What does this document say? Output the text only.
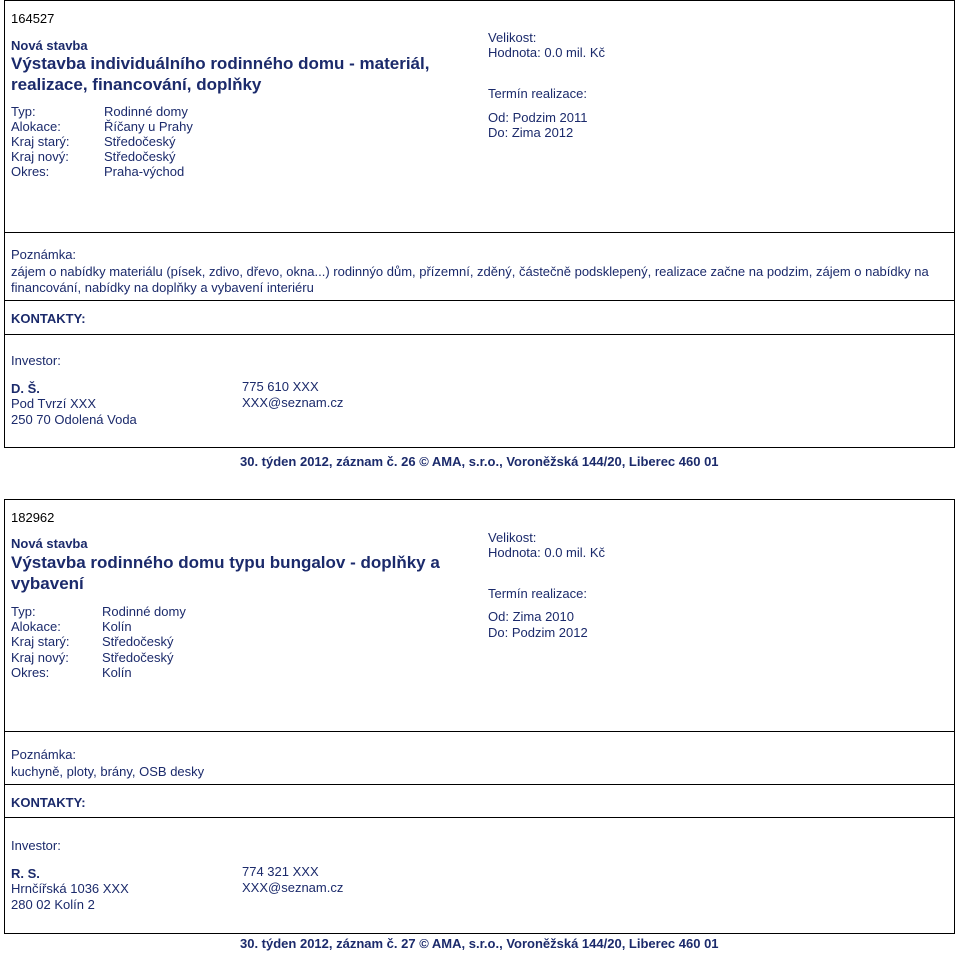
164527
Nová stavba
Výstavba individuálního rodinného domu - materiál, realizace, financování, doplňky
Typ:	Rodinné domy
Alokace:	Říčany u Prahy
Kraj starý:	Středočeský
Kraj nový:	Středočeský
Okres:	Praha-východ
Velikost:
Hodnota: 0.0 mil. Kč
Termín realizace:
Od: Podzim 2011
Do: Zima 2012
Poznámka:
zájem o nabídky materiálu (písek, zdivo, dřevo, okna...) rodinnýo dům, přízemní, zděný, částečně podsklepený, realizace začne na podzim, zájem o nabídky na financování, nabídky na doplňky a vybavení interiéru
KONTAKTY:
Investor:
D. Š.
Pod Tvrzí XXX
250 70 Odolená Voda
775 610 XXX
XXX@seznam.cz
30. týden 2012, záznam č. 26 © AMA, s.r.o., Voroněžská 144/20, Liberec 460 01
182962
Nová stavba
Výstavba rodinného domu typu bungalov - doplňky a vybavení
Typ:	Rodinné domy
Alokace:	Kolín
Kraj starý: Středočeský
Kraj nový:	Středočeský
Okres:	Kolín
Velikost:
Hodnota: 0.0 mil. Kč
Termín realizace:
Od: Zima 2010
Do: Podzim 2012
Poznámka:
kuchyně, ploty, brány, OSB desky
KONTAKTY:
Investor:
R. S.
Hrnčířská 1036 XXX
280 02 Kolín 2
774 321 XXX
XXX@seznam.cz
30. týden 2012, záznam č. 27 © AMA, s.r.o., Voroněžská 144/20, Liberec 460 01
